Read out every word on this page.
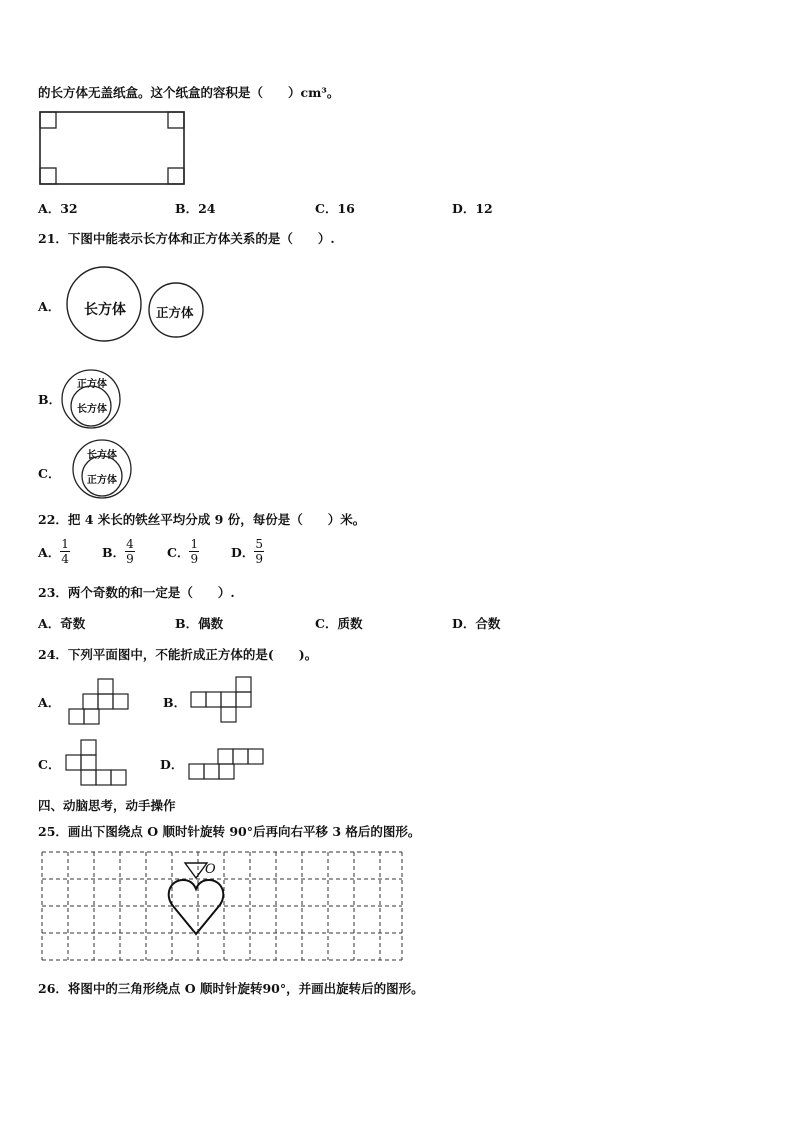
的长方体无盖纸盒。这个纸盒的容积是（　　）cm³。
A．32	B．24	C．16	D．12
21．下图中能表示长方体和正方体关系的是（　　）.
A． 长方体 正方体
B．
正方体
长方体
C．
长方体
正方体
22．把 4 米长的铁丝平均分成 9 份，每份是（　　）米。
A． $\frac{1}{4}$	B． $\frac{4}{9}$	C． $\frac{1}{9}$	D． $\frac{5}{9}$
23．两个奇数的和一定是（　　）.
A．奇数	B．偶数	C．质数	D．合数
24．下列平面图中，不能折成正方体的是(　　)。
A．	B．
C．	D．
四、动脑思考，动手操作
25．画出下图绕点 O 顺时针旋转 90°后再向右平移 3 格后的图形。
O
26．将图中的三角形绕点 O 顺时针旋转90°，并画出旋转后的图形。
